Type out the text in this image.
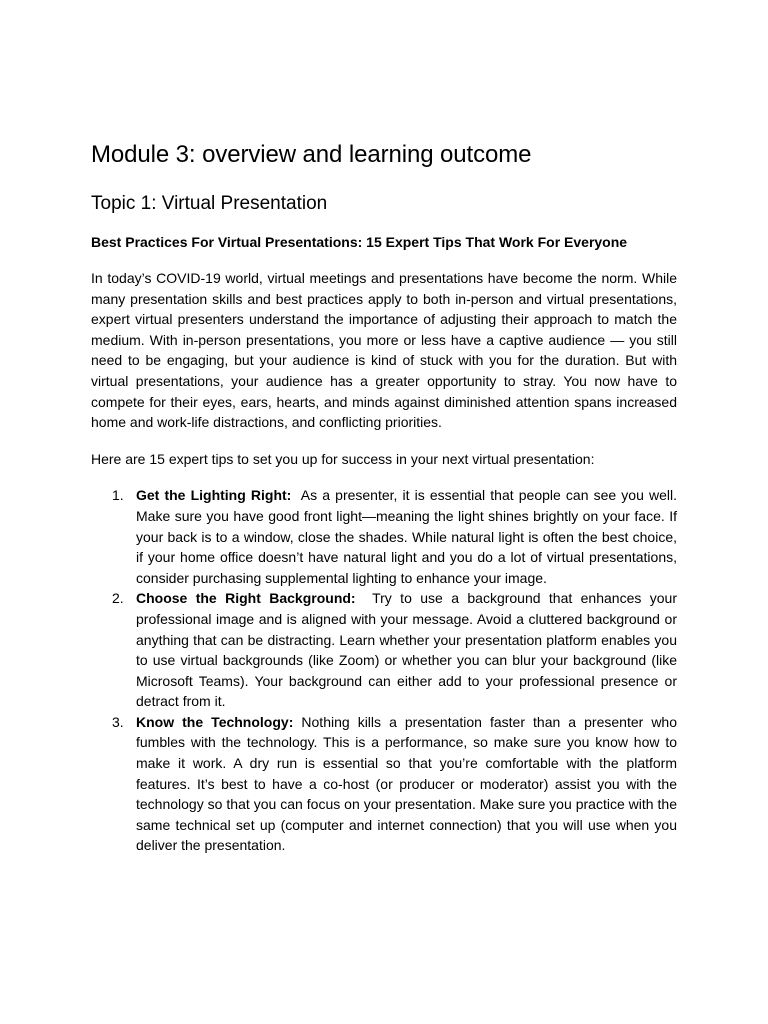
Module 3: overview and learning outcome
Topic 1: Virtual Presentation
Best Practices For Virtual Presentations: 15 Expert Tips That Work For Everyone

In today’s COVID-19 world, virtual meetings and presentations have become the norm. While many presentation skills and best practices apply to both in-person and virtual presentations, expert virtual presenters understand the importance of adjusting their approach to match the medium. With in-person presentations, you more or less have a captive audience — you still need to be engaging, but your audience is kind of stuck with you for the duration. But with virtual presentations, your audience has a greater opportunity to stray. You now have to compete for their eyes, ears, hearts, and minds against diminished attention spans increased home and work-life distractions, and conflicting priorities.

Here are 15 expert tips to set you up for success in your next virtual presentation:

1. Get the Lighting Right: As a presenter, it is essential that people can see you well. Make sure you have good front light—meaning the light shines brightly on your face. If your back is to a window, close the shades. While natural light is often the best choice, if your home office doesn’t have natural light and you do a lot of virtual presentations, consider purchasing supplemental lighting to enhance your image.
2. Choose the Right Background: Try to use a background that enhances your professional image and is aligned with your message. Avoid a cluttered background or anything that can be distracting. Learn whether your presentation platform enables you to use virtual backgrounds (like Zoom) or whether you can blur your background (like Microsoft Teams). Your background can either add to your professional presence or detract from it.
3. Know the Technology: Nothing kills a presentation faster than a presenter who fumbles with the technology. This is a performance, so make sure you know how to make it work. A dry run is essential so that you’re comfortable with the platform features. It’s best to have a co-host (or producer or moderator) assist you with the technology so that you can focus on your presentation. Make sure you practice with the same technical set up (computer and internet connection) that you will use when you deliver the presentation.
